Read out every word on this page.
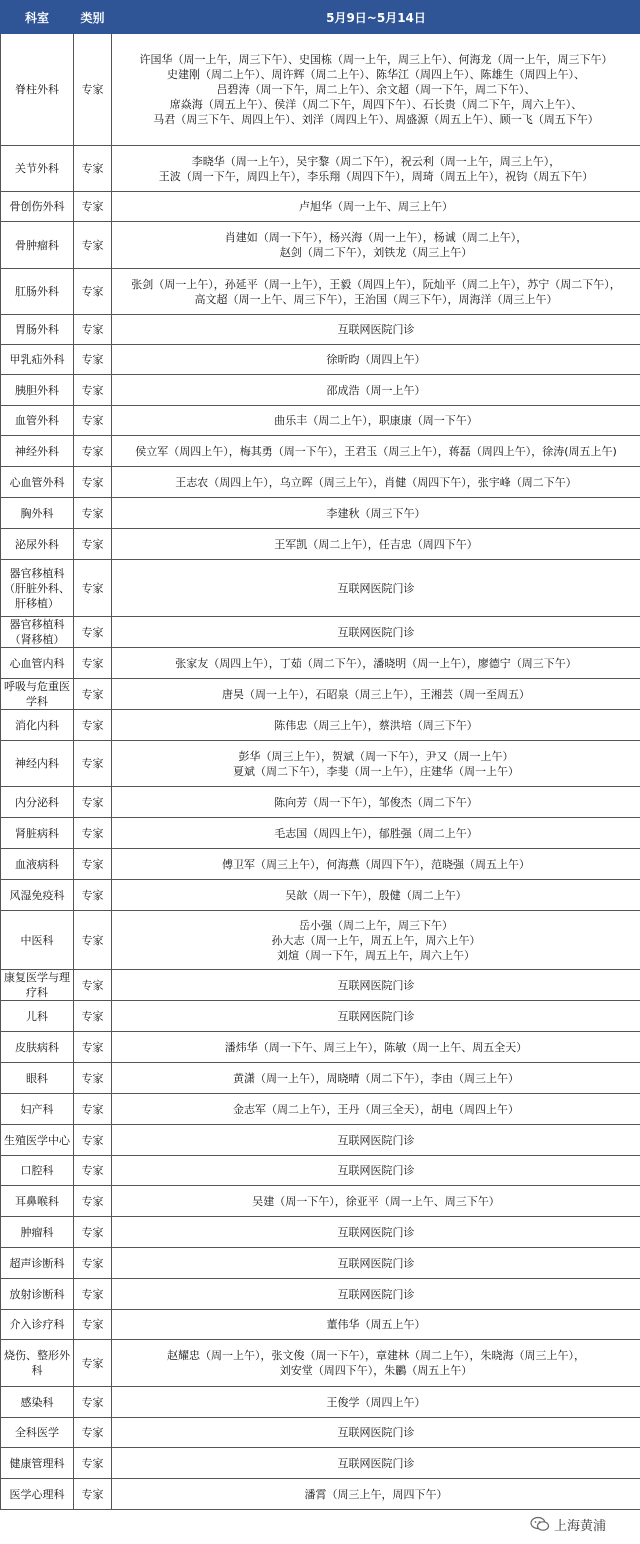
科室	类别	5月9日~5月14日
脊柱外科	专家	许国华（周一上午，周三下午）、史国栋（周一上午，周三上午）、何海龙（周一上午，周三下午）
史建刚（周二上午）、周许辉（周二上午）、陈华江（周四上午）、陈雄生（周四上午）、
吕碧涛（周一下午，周二上午）、余文超（周一下午，周二下午）、
席焱海（周五上午）、侯洋（周二下午，周四下午）、石长贵（周二下午，周六上午）、
马君（周三下午、周四上午）、刘洋（周四上午）、周盛源（周五上午）、顾一飞（周五下午）

关节外科	专家	李晓华（周一上午），吴宇黎（周二下午），祝云利（周一上午，周三上午），
王波（周一下午，周四上午），李乐翔（周四下午），周琦（周五上午），祝钧（周五下午）

骨创伤外科	专家	卢旭华（周一上午、周三上午）

骨肿瘤科	专家	肖建如（周一下午），杨兴海（周一上午），杨诚（周二上午），
赵剑（周二下午），刘铁龙（周三上午）

肛肠外科	专家	张剑（周一上午），孙延平（周一上午），王毅（周四上午），阮灿平（周二上午），苏宁（周二下午），
高文超（周一上午、周三下午），王治国（周三下午），周海洋（周三上午）

胃肠外科	专家	互联网医院门诊

甲乳疝外科	专家	徐昕昀（周四上午）

胰胆外科	专家	邵成浩（周一上午）

血管外科	专家	曲乐丰（周二上午），职康康（周一下午）

神经外科	专家	侯立军（周四上午），梅其勇（周一下午），王君玉（周三上午），蒋磊（周四上午），徐涛(周五上午)

心血管外科	专家	王志农（周四上午），乌立晖（周三上午），肖健（周四下午），张宇峰（周二下午）

胸外科	专家	李建秋（周三下午）

泌尿外科	专家	王军凯（周二上午），任吉忠（周四下午）

器官移植科（肝脏外科、肝移植）	专家	互联网医院门诊

器官移植科（肾移植）	专家	互联网医院门诊

心血管内科	专家	张家友（周四上午），丁茹（周二下午），潘晓明（周一上午），廖德宁（周三下午）

呼吸与危重医学科	专家	唐昊（周一上午），石昭泉（周三上午），王湘芸（周一至周五）

消化内科	专家	陈伟忠（周三上午），蔡洪培（周三下午）

神经内科	专家	彭华（周三上午），贺斌（周一下午），尹又（周一上午）
夏斌（周二下午），李斐（周一上午），庄建华（周一上午）

内分泌科	专家	陈向芳（周一下午），邹俊杰（周二下午）

肾脏病科	专家	毛志国（周四上午），郁胜强（周二上午）

血液病科	专家	傅卫军（周三上午），何海燕（周四下午），范晓强（周五上午）

风湿免疫科	专家	吴歆（周一下午），殷健（周二上午）

中医科	专家	岳小强（周二上午，周三下午）
孙大志（周一上午，周五上午，周六上午）
刘煊（周一下午，周五上午，周六上午）

康复医学与理疗科	专家	互联网医院门诊

儿科	专家	互联网医院门诊

皮肤病科	专家	潘炜华（周一下午、周三上午），陈敏（周一上午、周五全天）

眼科	专家	黄潇（周一上午），周晓晴（周二下午），李由（周三上午）

妇产科	专家	金志军（周二上午），王丹（周三全天），胡电（周四上午）

生殖医学中心	专家	互联网医院门诊

口腔科	专家	互联网医院门诊

耳鼻喉科	专家	吴建（周一下午），徐亚平（周一上午、周三下午）

肿瘤科	专家	互联网医院门诊

超声诊断科	专家	互联网医院门诊

放射诊断科	专家	互联网医院门诊

介入诊疗科	专家	董伟华（周五上午）

烧伤、整形外科	专家	赵耀忠（周一上午），张文俊（周一下午），章建林（周二上午），朱晓海（周三上午），
刘安堂（周四下午），朱鸝（周五上午）

感染科	专家	王俊学（周四上午）

全科医学	专家	互联网医院门诊

健康管理科	专家	互联网医院门诊

医学心理科	专家	潘霄（周三上午，周四下午）
上海黄浦
